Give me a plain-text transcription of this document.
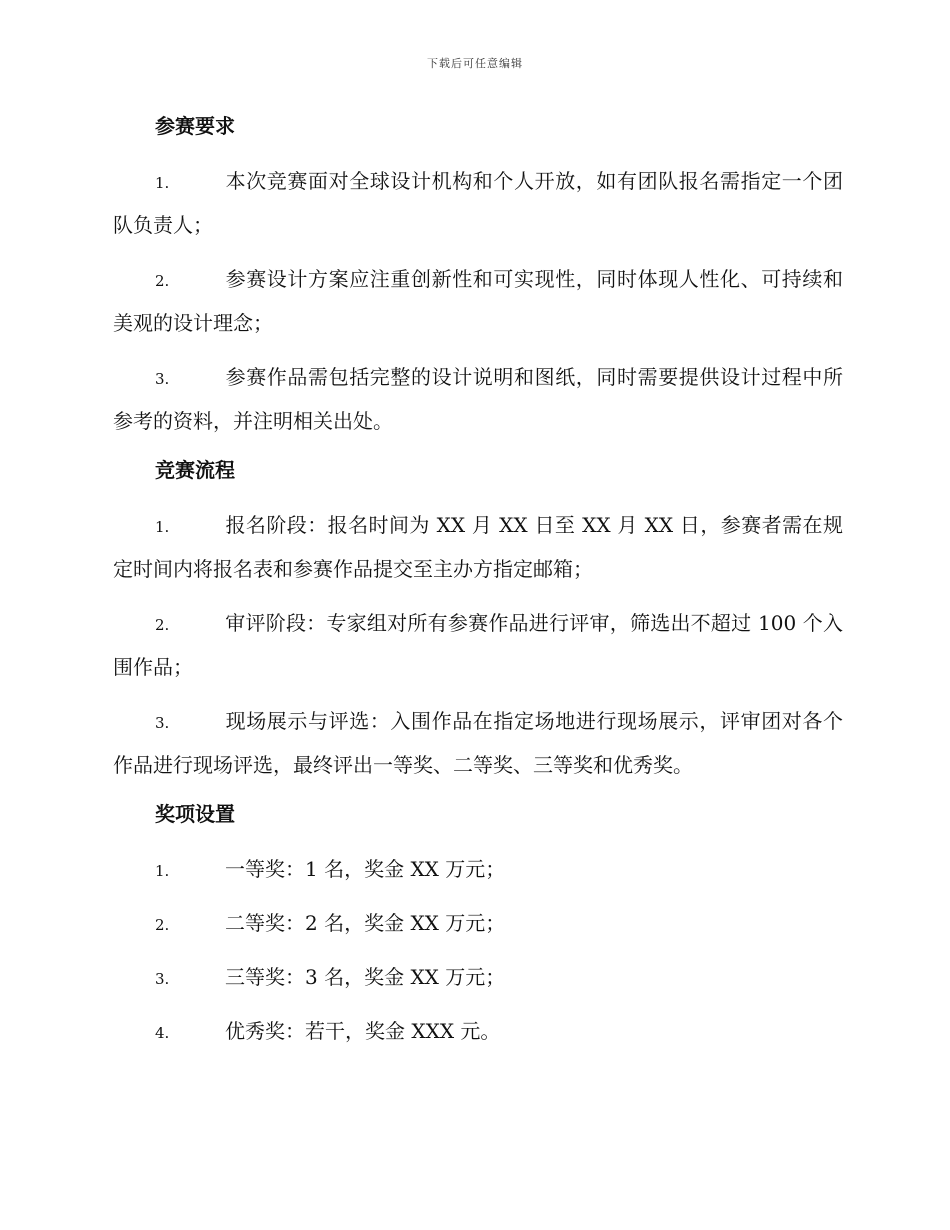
下载后可任意编辑
参赛要求

1.	本次竞赛面对全球设计机构和个人开放，如有团队报名需指定一个团队负责人；

2.	参赛设计方案应注重创新性和可实现性，同时体现人性化、可持续和美观的设计理念；

3.	参赛作品需包括完整的设计说明和图纸，同时需要提供设计过程中所参考的资料，并注明相关出处。

竞赛流程

1.	报名阶段：报名时间为 XX 月 XX 日至 XX 月 XX 日，参赛者需在规定时间内将报名表和参赛作品提交至主办方指定邮箱；

2.	审评阶段：专家组对所有参赛作品进行评审，筛选出不超过 100 个入围作品；

3.	现场展示与评选：入围作品在指定场地进行现场展示，评审团对各个作品进行现场评选，最终评出一等奖、二等奖、三等奖和优秀奖。

奖项设置

1.	一等奖：1 名，奖金 XX 万元；

2.	二等奖：2 名，奖金 XX 万元；

3.	三等奖：3 名，奖金 XX 万元；

4.	优秀奖：若干，奖金 XXX 元。
